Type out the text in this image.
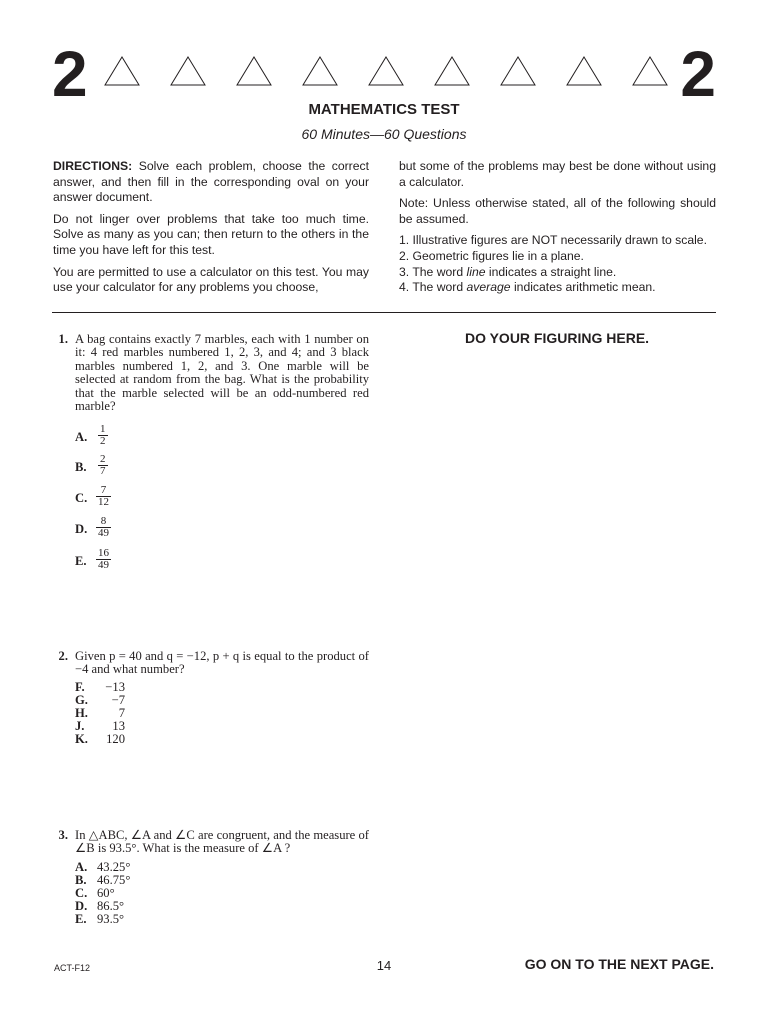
2	2
MATHEMATICS TEST
60 Minutes—60 Questions

DIRECTIONS: Solve each problem, choose the correct answer, and then fill in the corresponding oval on your answer document.

Do not linger over problems that take too much time. Solve as many as you can; then return to the others in the time you have left for this test.

You are permitted to use a calculator on this test. You may use your calculator for any problems you choose,

but some of the problems may best be done without using a calculator.

Note: Unless otherwise stated, all of the following should be assumed.

1. Illustrative figures are NOT necessarily drawn to scale.
2. Geometric figures lie in a plane.
3. The word line indicates a straight line.
4. The word average indicates arithmetic mean.
DO YOUR FIGURING HERE.
1. A bag contains exactly 7 marbles, each with 1 number on it: 4 red marbles numbered 1, 2, 3, and 4; and 3 black marbles numbered 1, 2, and 3. One marble will be selected at random from the bag. What is the probability that the marble selected will be an odd-numbered red marble?
A. $\frac{1}{2}$
B.	$\frac{2}{7}$
C. $\frac{7}{12}$
D. $\frac{8}{49}$
E. $\frac{16}{49}$
2. Given p = 40 and q = −12, p + q is equal to the product of −4 and what number?
F. −13
G. −7
H. 7
J. 13
K. 120
3. In △ABC, ∠A and ∠C are congruent, and the measure of ∠B is 93.5°. What is the measure of ∠A ?
A. 43.25°
B. 46.75°
C. 60°
D. 86.5°
E. 93.5°
ACT-F12	14	GO ON TO THE NEXT PAGE.
